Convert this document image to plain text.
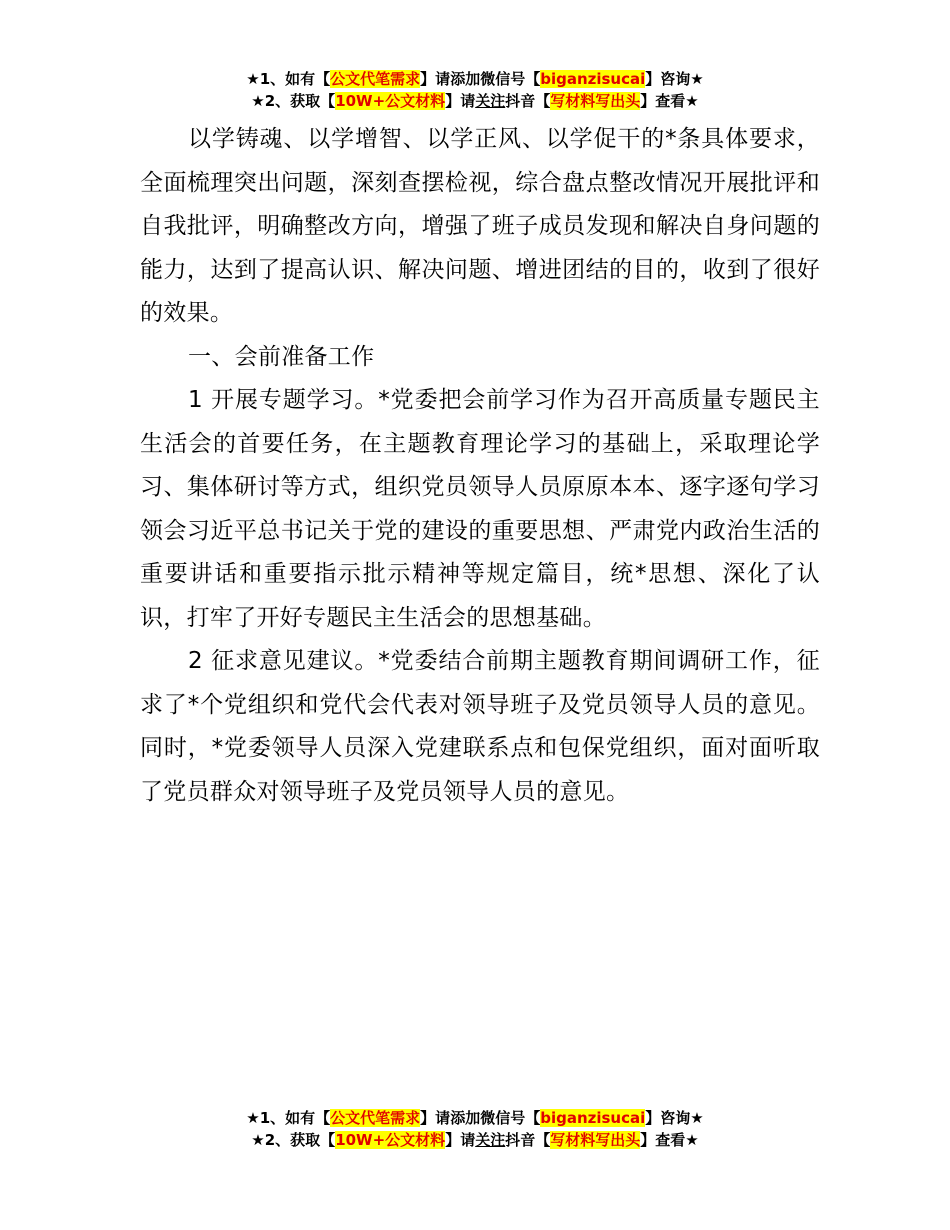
★1、如有【公文代笔需求】请添加微信号【biganzisucai】咨询★
★2、获取【10W+公文材料】请关注抖音【写材料写出头】查看★

以学铸魂、以学增智、以学正风、以学促干的*条具体要求，全面梳理突出问题，深刻查摆检视，综合盘点整改情况开展批评和自我批评，明确整改方向，增强了班子成员发现和解决自身问题的能力，达到了提高认识、解决问题、增进团结的目的，收到了很好的效果。

一、会前准备工作

1 开展专题学习。*党委把会前学习作为召开高质量专题民主生活会的首要任务，在主题教育理论学习的基础上，采取理论学习、集体研讨等方式，组织党员领导人员原原本本、逐字逐句学习领会习近平总书记关于党的建设的重要思想、严肃党内政治生活的重要讲话和重要指示批示精神等规定篇目，统*思想、深化了认识，打牢了开好专题民主生活会的思想基础。

2 征求意见建议。*党委结合前期主题教育期间调研工作，征求了*个党组织和党代会代表对领导班子及党员领导人员的意见。同时，*党委领导人员深入党建联系点和包保党组织，面对面听取了党员群众对领导班子及党员领导人员的意见。

★1、如有【公文代笔需求】请添加微信号【biganzisucai】咨询★
★2、获取【10W+公文材料】请关注抖音【写材料写出头】查看★
